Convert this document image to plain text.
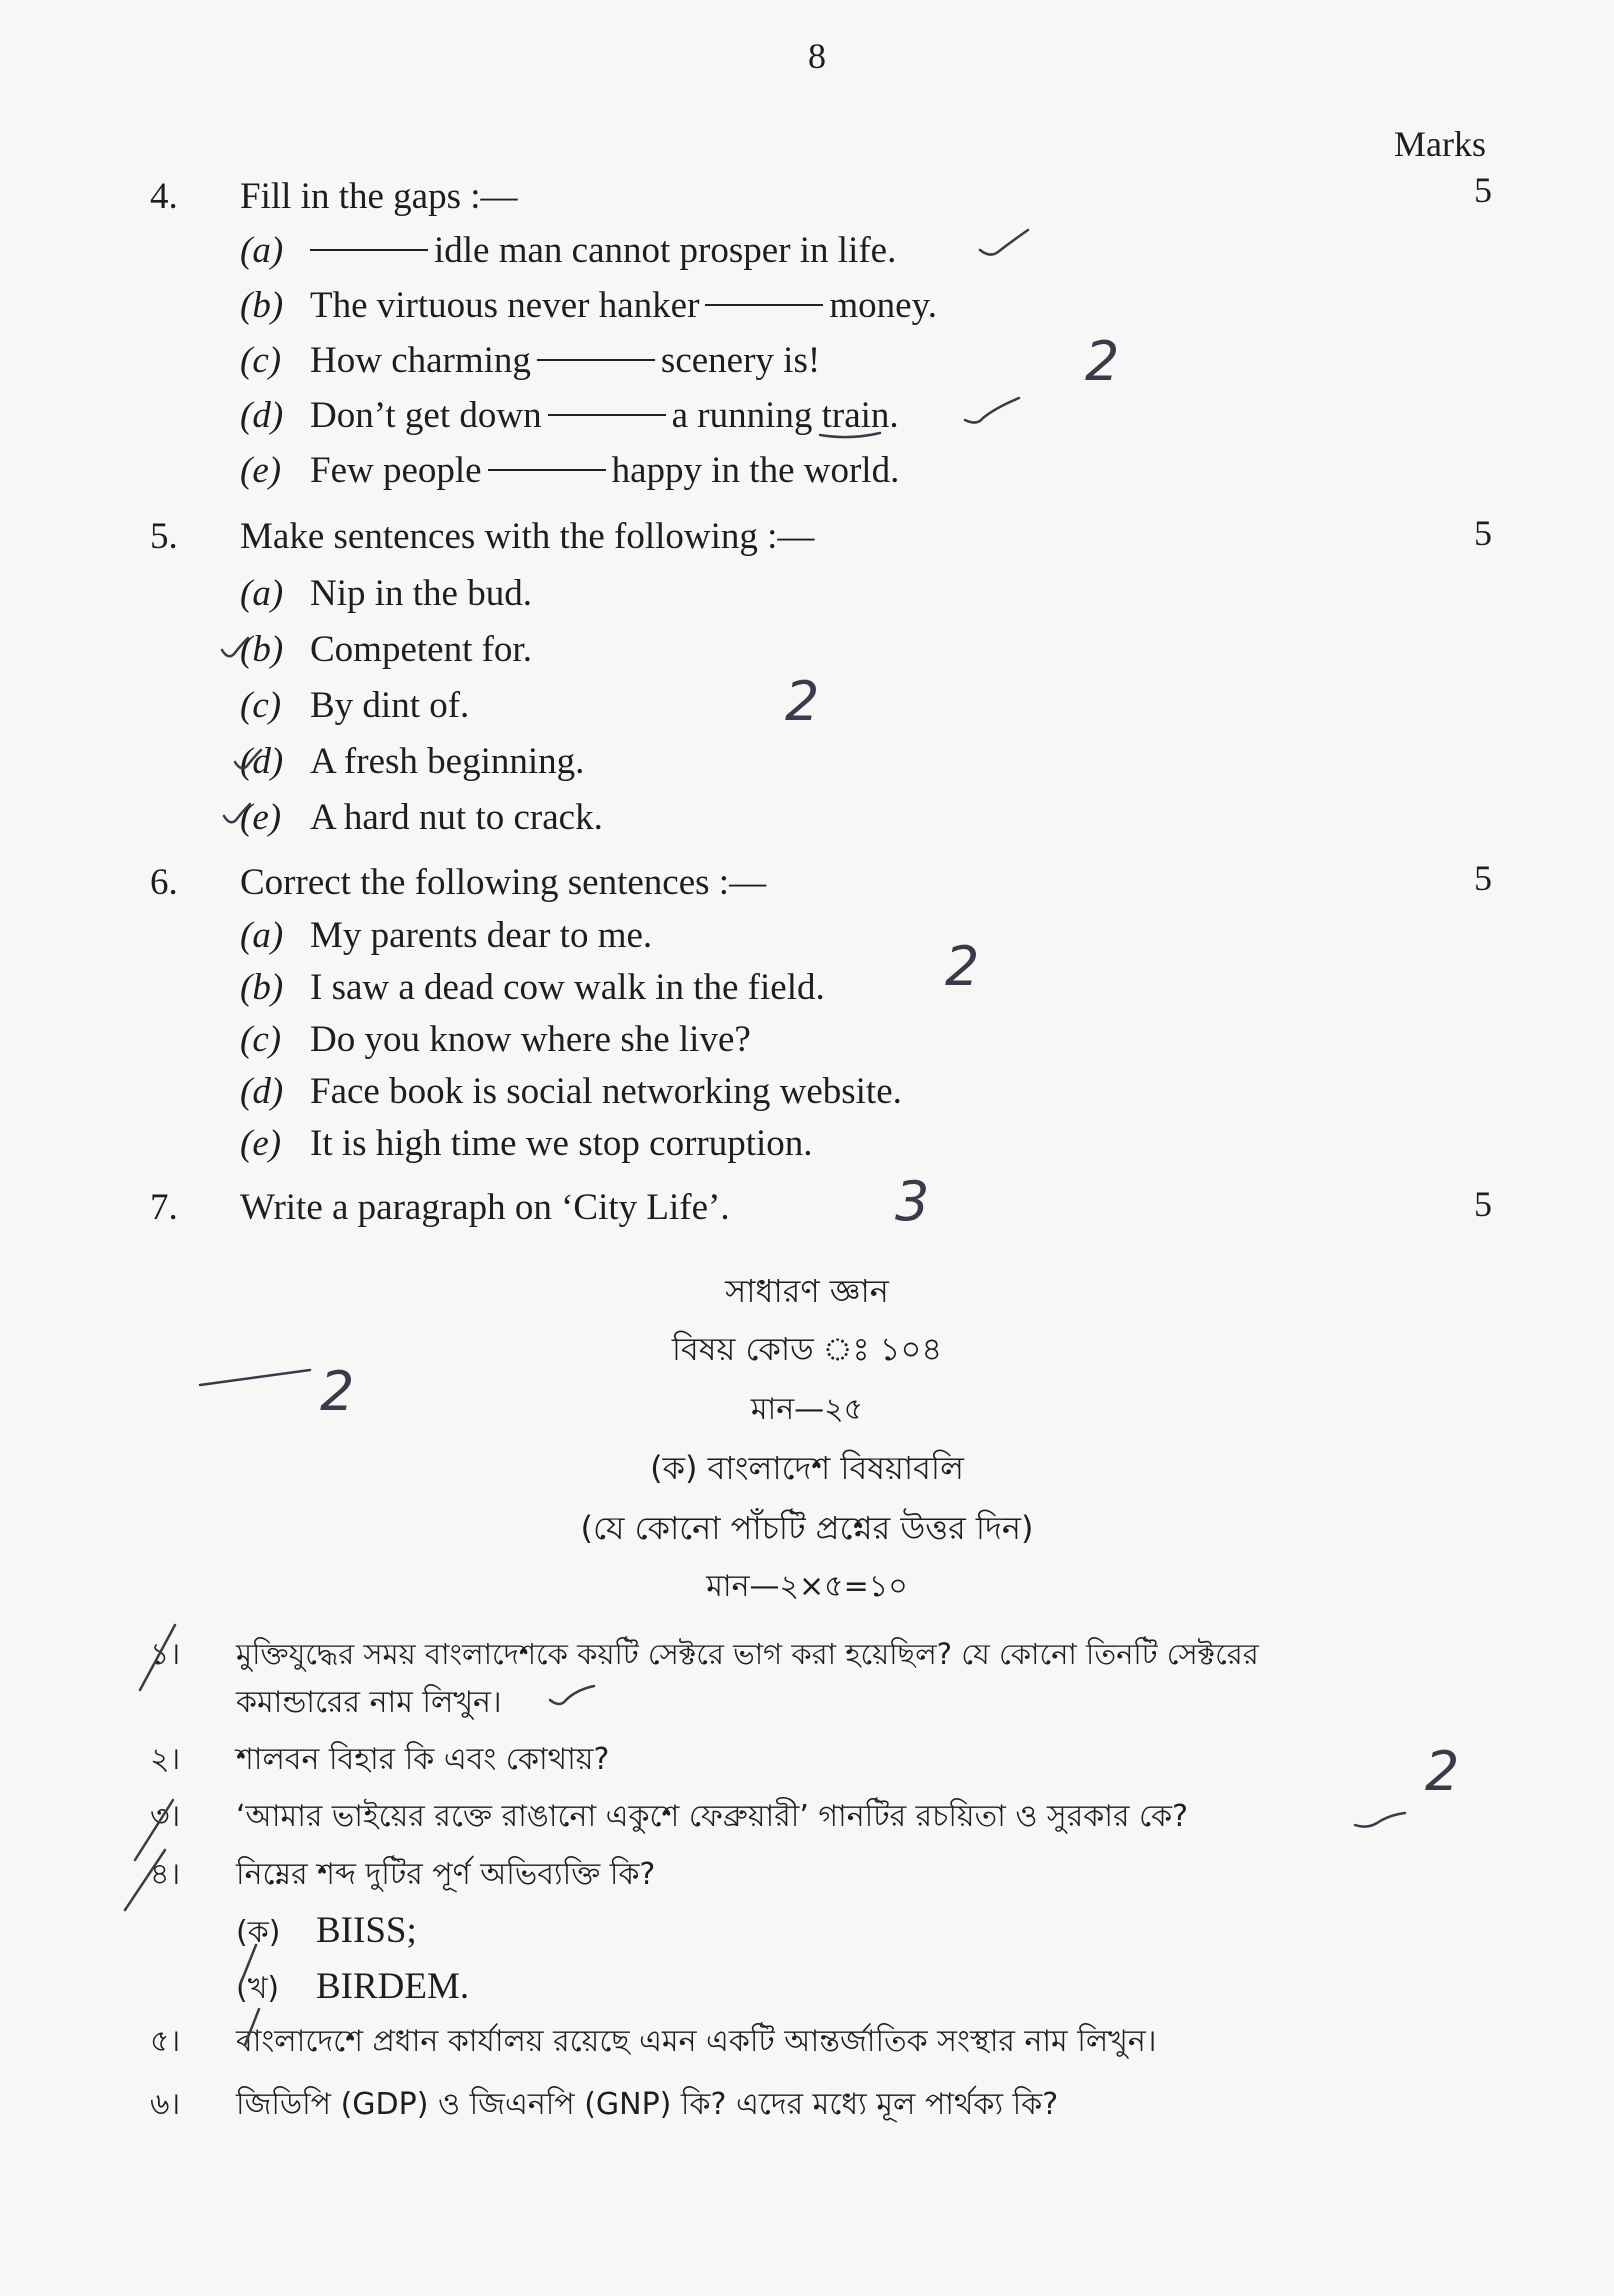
8
Marks
4. Fill in the gaps :—	5
(a)	idle man cannot prosper in life.
(b) The virtuous never hanker	money.
(c) How charming	scenery is!
(d) Don’t get down	a running train.
(e) Few people	happy in the world.
5. Make sentences with the following :—	5
(a) Nip in the bud.
(b) Competent for.
(c) By dint of.
(d) A fresh beginning.
(e) A hard nut to crack.
6. Correct the following sentences :—	5
(a) My parents dear to me.
(b) I saw a dead cow walk in the field.
(c) Do you know where she live?
(d) Face book is social networking website.
(e) It is high time we stop corruption.
7. Write a paragraph on ‘City Life’.	5
সাধারণ জ্ঞান
বিষয় কোড ঃ ১০৪
মান—২৫
(ক) বাংলাদেশ বিষয়াবলি
(যে কোনো পাঁচটি প্রশ্নের উত্তর দিন)
মান—২×৫=১০
১। মুক্তিযুদ্ধের সময় বাংলাদেশকে কয়টি সেক্টরে ভাগ করা হয়েছিল? যে কোনো তিনটি সেক্টরের
কমান্ডারের নাম লিখুন।
২। শালবন বিহার কি এবং কোথায়?
৩। ‘আমার ভাইয়ের রক্তে রাঙানো একুশে ফেব্রুয়ারী’ গানটির রচয়িতা ও সুরকার কে?
৪। নিম্নের শব্দ দুটির পূর্ণ অভিব্যক্তি কি?
(ক) BIISS;
(খ) BIRDEM.
৫। বাংলাদেশে প্রধান কার্যালয় রয়েছে এমন একটি আন্তর্জাতিক সংস্থার নাম লিখুন।
৬। জিডিপি (GDP) ও জিএনপি (GNP) কি? এদের মধ্যে মূল পার্থক্য কি?
2
2
2
3
2
2
